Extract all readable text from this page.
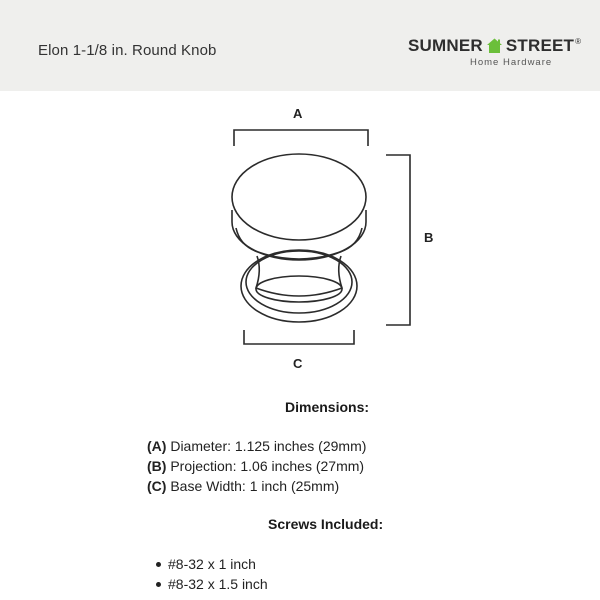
Elon 1-1/8 in. Round Knob	SUMNER STREET ®
Home Hardware
A
B
C
Dimensions:
(A) Diameter: 1.125 inches (29mm)
(B) Projection: 1.06 inches (27mm)
(C) Base Width: 1 inch (25mm)
Screws Included:
#8-32 x 1 inch
#8-32 x 1.5 inch
